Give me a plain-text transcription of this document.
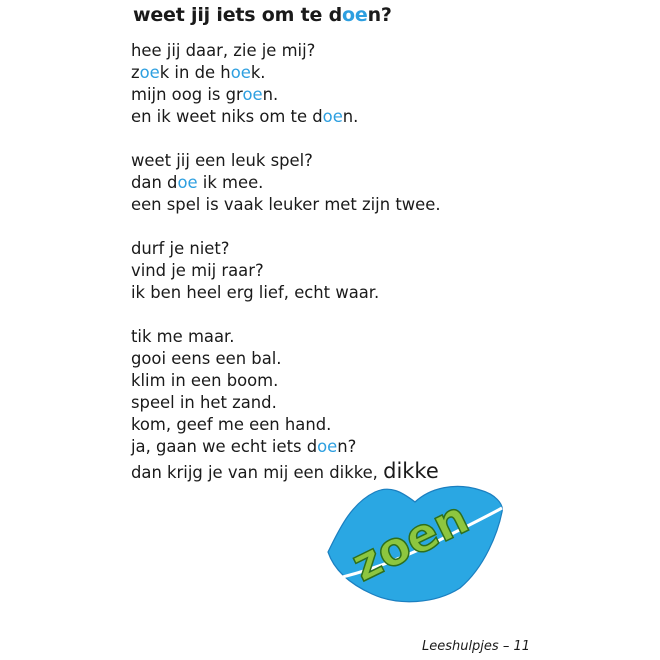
weet jij iets om te doen?
hee jij daar, zie je mij?
zoek in de hoek.
mijn oog is groen.
en ik weet niks om te doen.
weet jij een leuk spel?
dan doe ik mee.
een spel is vaak leuker met zijn twee.
durf je niet?
vind je mij raar?
ik ben heel erg lief, echt waar.
tik me maar.
gooi eens een bal.
klim in een boom.
speel in het zand.
kom, geef me een hand.
ja, gaan we echt iets doen?
dan krijg je van mij een dikke, dikke
zoen
Leeshulpjes – 11
